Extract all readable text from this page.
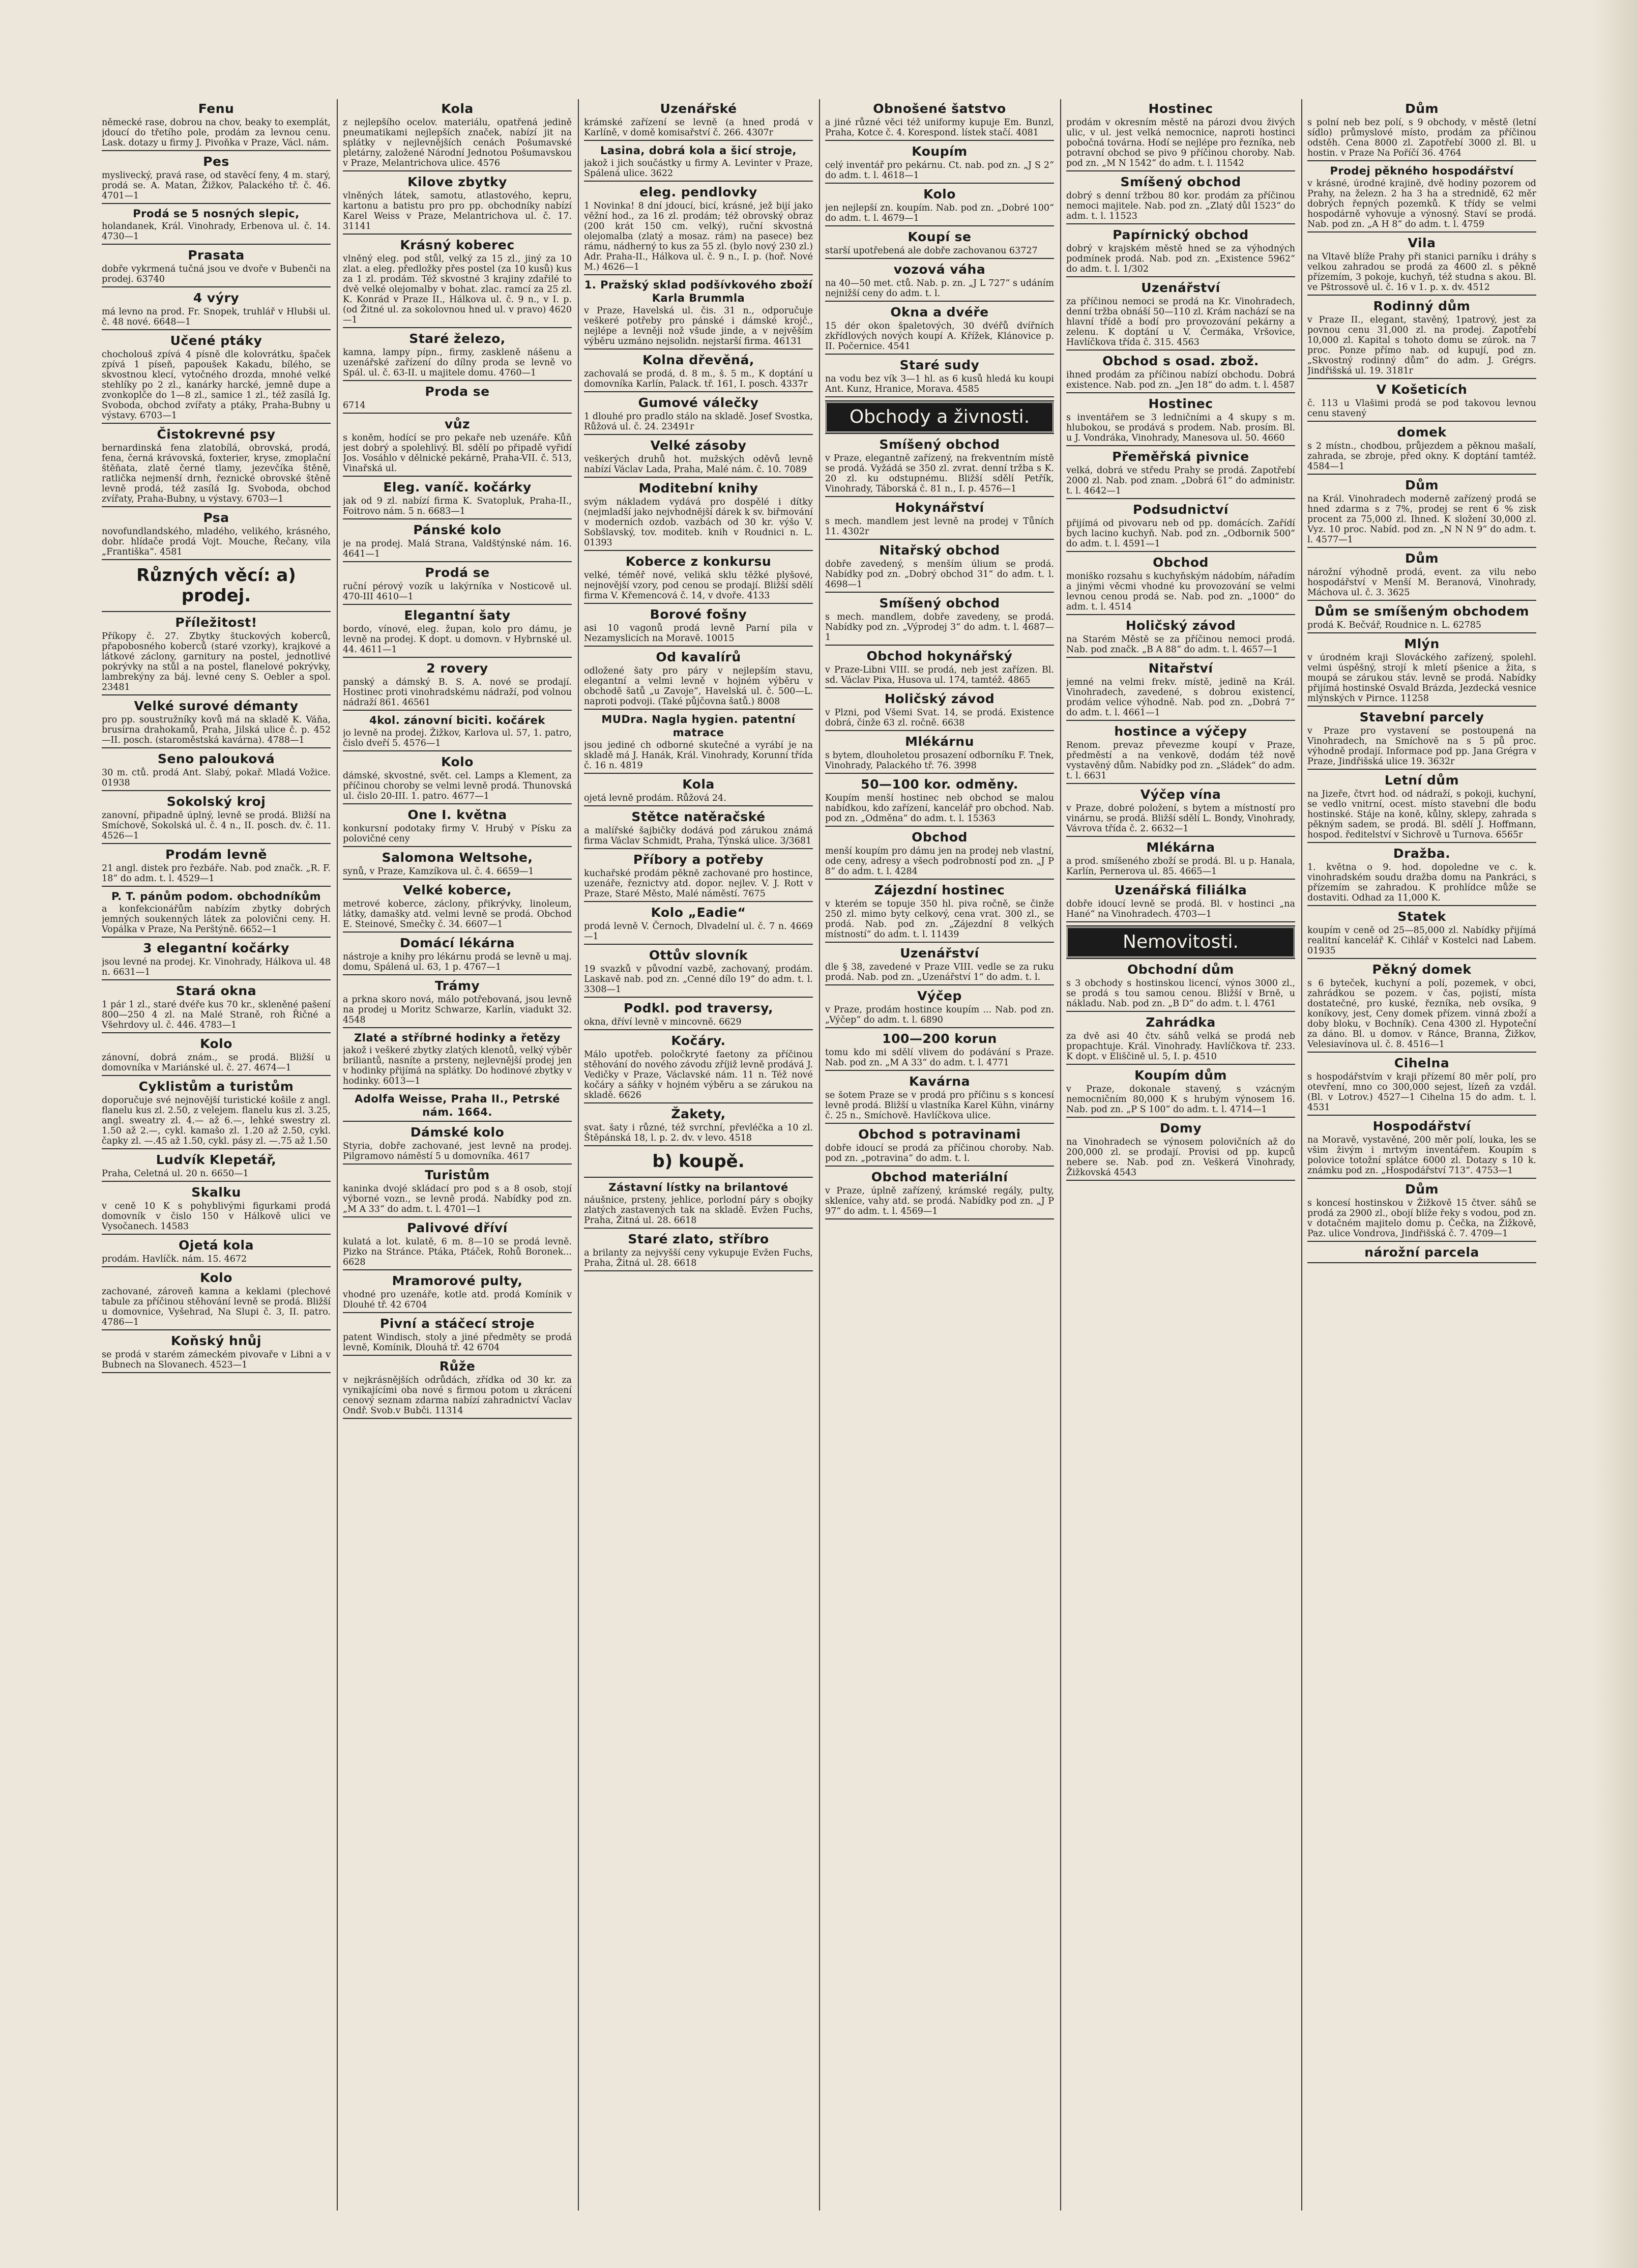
Fenu

německé rase, dobrou na chov, beaky to exemplát, jdoucí do třetího pole, prodám za levnou cenu. Lask. dotazy u firmy J. Pivoňka v Praze, Václ. nám.

Pes

myslivecký, pravá rase, od stavěcí feny, 4 m. starý, prodá se. A. Matan, Žižkov, Palackého tř. č. 46. 4701—1

Prodá se 5 nosných slepic,

holandanek, Král. Vinohrady, Erbenova ul. č. 14. 4730—1

Prasata

dobře vykrmená tučná jsou ve dvoře v Bubenči na prodej. 63740

4 výry

má levno na prod. Fr. Snopek, truhlář v Hlubši ul. č. 48 nové. 6648—1

Učené ptáky

chocholouš zpívá 4 písně dle kolovrátku, špaček zpívá 1 píseň, papoušek Kakadu, bílého, se skvostnou klecí, vytočného drozda, mnohé velké stehlíky po 2 zl., kanárky harcké, jemně dupe a zvonkoplče do 1—8 zl., samice 1 zl., též zasílá Ig. Svoboda, obchod zvířaty a ptáky, Praha-Bubny u výstavy. 6703—1

Čistokrevné psy

bernardinská fena zlatobílá, obrovská, prodá, fena, černá krávovská, foxterier, kryse, zmoplační štěňata, zlatě černé tlamy, jezevčíka štěně, ratlička nejmenší drnh, řeznické obrovské štěně levně prodá, též zasílá Ig. Svoboda, obchod zvířaty, Praha-Bubny, u výstavy. 6703—1

Psa

novofundlandského, mladého, velikého, krásného, dobr. hlídače prodá Vojt. Mouche, Řečany, vila „Františka“. 4581

Různých věcí: a) prodej.
Příležitost!

Příkopy č. 27. Zbytky štuckových koberců, přapobosného koberců (staré vzorky), krajkové a látkové záclony, garnitury na postel, jednotlivé pokrývky na stůl a na postel, flanelové pokrývky, lambrekýny za báj. levné ceny S. Oebler a spol. 23481

Velké surové démanty

pro pp. soustružníky kovů má na skladě K. Váňa, brusírna drahokamů, Praha, Jilská ulice č. p. 452—II. posch. (staroměstská kavárna). 4788—1

Seno palouková

30 m. ctů. prodá Ant. Slabý, pokař. Mladá Vožice. 01938

Sokolský kroj

zanovní, připadně úplný, levně se prodá. Bližší na Smíchově, Sokolská ul. č. 4 n., II. posch. dv. č. 11. 4526—1

Prodám levně

21 angl. distek pro řezbáře. Nab. pod značk. „R. F. 18“ do adm. t. l. 4529—1

P. T. pánům podom. obchodníkům

a konfekcionářům nabízím zbytky dobrých jemných soukenných látek za polovični ceny. H. Vopálka v Praze, Na Perštýně. 6652—1

3 elegantní kočárky

jsou levné na prodej. Kr. Vinohrady, Hálkova ul. 48 n. 6631—1

Stará okna

1 pár 1 zl., staré dvéře kus 70 kr., skleněné pašení 800—250 4 zl. na Malé Straně, roh Řičné a Všehrdovy ul. č. 446. 4783—1

Kolo

zánovní, dobrá znám., se prodá. Bližší u domovníka v Mariánské ul. č. 27. 4674—1

Cyklistům a turistům

doporučuje své nejnovější turistické košile z angl. flanelu kus zl. 2.50, z velejem. flanelu kus zl. 3.25, angl. sweatry zl. 4.— až 6.—, lehké swestry zl. 1.50 až 2.—, cykl. kamašo zl. 1.20 až 2.50, cykl. čapky zl. —.45 až 1.50, cykl. pásy zl. —.75 až 1.50

Ludvík Klepetář,

Praha, Celetná ul. 20 n. 6650—1

Skalku

v ceně 10 K s pohyblivými figurkami prodá domovník v čislo 150 v Hálkově ulici ve Vysočanech. 14583

Ojetá kola

prodám. Havlíčk. nám. 15. 4672

Kolo

zachované, zároveň kamna a keklami (plechové tabule za příčinou stěhování levně se prodá. Bližší u domovnice, Vyšehrad, Na Slupi č. 3, II. patro. 4786—1

Koňský hnůj

se prodá v starém zámeckém pivovaře v Libni a v Bubnech na Slovanech. 4523—1

Kola

z nejlepšího ocelov. materiálu, opatřená jedině pneumatikami nejlepších značek, nabízí jit na splátky v nejlevnějších cenách Pošumavské pletárny, založené Národní Jednotou Pošumavskou v Praze, Melantrichova ulice. 4576

Kilove zbytky

vlněných látek, samotu, atlastového, kepru, kartonu a batistu pro pro pp. obchodníky nabízí Karel Weiss v Praze, Melantrichova ul. č. 17. 31141

Krásný koberec

vlněný eleg. pod stůl, velký za 15 zl., jiný za 10 zlat. a eleg. předložky přes postel (za 10 kusů) kus za 1 zl. prodám. Též skvostné 3 krajiny zdařilé to dvě velké olejomalby v bohat. zlac. ramcí za 25 zl. K. Konrád v Praze II., Hálkova ul. č. 9 n., v I. p. (od Žitné ul. za sokolovnou hned ul. v pravo) 4620—1

Staré železo,

kamna, lampy pípn., firmy, zaskleně nášenu a uzenářské zařízení do dílny proda se levně vo Spál. ul. č. 63-II. u majitele domu. 4760—1

Proda se

6714

vůz

s koněm, hodící se pro pekaře neb uzenáře. Kůň jest dobrý a spolehlivý. Bl. sdělí po připadě vyřidí Jos. Vosáhlo v dělnické pekárně, Praha-VII. č. 513, Vinařská ul.

Eleg. vaníč. kočárky

jak od 9 zl. nabízí firma K. Svatopluk, Praha-II., Foitrovo nám. 5 n. 6683—1

Pánské kolo

je na prodej. Malá Strana, Valdštýnské nám. 16. 4641—1

Prodá se

ruční pérový vozík u lakýrníka v Nosticově ul. 470-III 4610—1

Elegantní šaty

bordo, vínové, eleg. župan, kolo pro dámu, je levně na prodej. K dopt. u domovn. v Hybrnské ul. 44. 4611—1

2 rovery

panský a dámský B. S. A. nové se prodají. Hostinec proti vinohradskému nádraží, pod volnou nádraží 861. 46561

4kol. zánovní biciti. kočárek

jo levně na prodej. Žižkov, Karlova ul. 57, 1. patro, čislo dveří 5. 4576—1

Kolo

dámské, skvostné, svět. cel. Lamps a Klement, za příčinou choroby se velmi levně prodá. Thunovská ul. čislo 20-III. 1. patro. 4677—1

One I. května

konkursní podotaky firmy V. Hrubý v Písku za polovičné ceny

Salomona Weltsohe,

synů, v Praze, Kamzíkova ul. č. 4. 6659—1

Velké koberce,

metrové koberce, záclony, přikrývky, linoleum, látky, damašky atd. velmi levně se prodá. Obchod E. Steinové, Smečky č. 34. 6607—1

Domácí lékárna

nástroje a knihy pro lékárnu prodá se levně u maj. domu, Spálená ul. 63, 1 p. 4767—1

Trámy

a prkna skoro nová, málo potřebovaná, jsou levně na prodej u Moritz Schwarze, Karlín, viadukt 32. 4548

Zlaté a stříbrné hodinky a řetězy

jakož i veškeré zbytky zlatých klenotů, velký výběr briliantů, nasníte a prsteny, nejlevnější prodej jen v hodinky přijímá na splátky. Do hodinové zbytky v hodinky. 6013—1

Adolfa Weisse, Praha II., Petrské nám. 1664.
Dámské kolo

Styria, dobře zachované, jest levně na prodej. Pilgramovo náměstí 5 u domovníka. 4617

Turistům

kaninka dvojé skládací pro pod s a 8 osob, stojí výborné vozn., se levně prodá. Nabídky pod zn. „M A 33“ do adm. t. l. 4701—1

Palivové dříví

kulatá a lot. kulatě, 6 m. 8—10 se prodá levně. Pizko na Stránce. Ptáka, Ptáček, Rohů Boronek... 6628

Mramorové pulty,

vhodné pro uzenáře, kotle atd. prodá Komínik v Dlouhé tř. 42 6704

Pivní a stáčecí stroje

patent Windisch, stoly a jiné předměty se prodá levně, Komínik, Dlouhá tř. 42 6704

Růže

v nejkrásnějších odrůdách, zřídka od 30 kr. za vynikajícími oba nové s firmou potom u zkrácení cenový seznam zdarma nabízí zahradnictví Vaclav Ondř. Svob.v Bubči. 11314

Uzenářské

krámské zařízení se levně (a hned prodá v Karlíně, v domě komisařství č. 266. 4307r

Lasina, dobrá kola a šicí stroje,

jakož i jich součástky u firmy A. Levinter v Praze, Spálená ulice. 3622

eleg. pendlovky

1 Novinka! 8 dní jdoucí, bicí, krásné, jež bijí jako věžní hod., za 16 zl. prodám; též obrovský obraz (200 krát 150 cm. velký), ruční skvostná olejomalba (zlatý a mosaz. rám) na pasece) bez rámu, nádherný to kus za 55 zl. (bylo nový 230 zl.) Adr. Praha-II., Hálkova ul. č. 9 n., I. p. (hoř. Nové M.) 4626—1

1. Pražský sklad podšívkového zboží Karla Brummla

v Praze, Havelská ul. čis. 31 n., odporučuje veškeré potřeby pro pánské i dámské krojč., nejlépe a levněji nož všude jinde, a v nejvěším výběru uzmáno nejsolidn. nejstarší firma. 46131

Kolna dřevěná,

zachovalá se prodá, d. 8 m., š. 5 m., K doptání u domovníka Karlín, Palack. tř. 161, I. posch. 4337r

Gumové válečky

1 dlouhé pro pradlo stálo na skladě. Josef Svostka, Růžová ul. č. 24. 23491r

Velké zásoby

veškerých druhů hot. mužských oděvů levně nabízí Václav Lada, Praha, Malé nám. č. 10. 7089

Moditební knihy

svým nákladem vydává pro dospělé i dítky (nejmladší jako nejvhodnější dárek k sv. biřmování v moderních ozdob. vazbách od 30 kr. výšo V. Sobšlavský, tov. moditeb. knih v Roudnici n. L. 01393

Koberce z konkursu

velké, téměř nové, veliká sklu těžké plyšové, nejnovější vzory, pod cenou se prodají. Bližší sdělí firma V. Křemencová č. 14, v dvoře. 4133

Borové fošny

asi 10 vagonů prodá levně Parní pila v Nezamyslicích na Moravě. 10015

Od kavalírů

odložené šaty pro páry v nejlepším stavu, elegantní a velmi levně v hojném výběru v obchodě šatů „u Zavoje“, Havelská ul. č. 500—L. naproti podvoji. (Také půjčovna šatů.) 8008

MUDra. Nagla hygien. patentní matrace

jsou jediné ch odborné skutečné a vyrábí je na skladě má J. Hanák, Král. Vinohrady, Korunní třída č. 16 n. 4819

Kola

ojetá levně prodám. Růžová 24.

Stětce natěračské

a malířské šajbičky dodává pod zárukou známá firma Václav Schmidt, Praha, Týnská ulice. 3/3681

Příbory a potřeby

kuchařské prodám pěkně zachované pro hostince, uzenáře, řeznictvy atd. dopor. nejlev. V. J. Rott v Praze, Staré Město, Malé náměstí. 7675

Kolo „Eadie“

prodá levně V. Černoch, Dlvadelní ul. č. 7 n. 4669—1

Ottův slovník

19 svazků v původní vazbě, zachovaný, prodám. Laskavě nab. pod zn. „Cenné dílo 19“ do adm. t. l. 3308—1

Podkl. pod traversy,

okna, dříví levně v mincovně. 6629

Kočáry.

Málo upotřeb. poločkryté faetony za příčinou stěhování do nového závodu zříjiž levně prodává J. Vedičky v Praze, Václavské nám. 11 n. Též nové kočáry a sáňky v hojném výběru a se zárukou na skladě. 6626

Žakety,

svat. šaty i různé, též svrchní, převléčka a 10 zl. Štěpánská 18, l. p. 2. dv. v levo. 4518

b) koupě.
Zástavní lístky na brilantové

náušnice, prsteny, jehlice, porlodní páry s obojky zlatých zastavených tak na skladě. Evžen Fuchs, Praha, Žitná ul. 28. 6618

Staré zlato, stříbro

a brilanty za nejvyšší ceny vykupuje Evžen Fuchs, Praha, Žitná ul. 28. 6618

Obnošené šatstvo

a jiné různé věci též uniformy kupuje Em. Bunzl, Praha, Kotce č. 4. Korespond. lístek stačí. 4081

Koupím

celý inventář pro pekárnu. Ct. nab. pod zn. „J S 2“ do adm. t. l. 4618—1

Kolo

jen nejlepší zn. koupím. Nab. pod zn. „Dobré 100“ do adm. t. l. 4679—1

Koupí se

starší upotřebená ale dobře zachovanou 63727

vozová váha

na 40—50 met. ctů. Nab. p. zn. „J L 727“ s udáním nejnižší ceny do adm. t. l.

Okna a dvéře

15 dér okon špaletových, 30 dvéřů dvířních zkřídlových nových koupí A. Křížek, Klánovice p. II. Počernice. 4541

Staré sudy

na vodu bez vík 3—1 hl. as 6 kusů hledá ku koupi Ant. Kunz, Hranice, Morava. 4585

Obchody a živnosti.
Smíšený obchod

v Praze, elegantně zařízený, na frekventním místě se prodá. Vyžádá se 350 zl. zvrat. denní tržba s K. 20 zl. ku odstupnému. Bližší sdělí Petřík, Vinohrady, Táborská č. 81 n., I. p. 4576—1

Hokynářství

s mech. mandlem jest levně na prodej v Tůních 11. 4302r

Nitařský obchod

dobře zavedený, s menším úlium se prodá. Nabídky pod zn. „Dobrý obchod 31“ do adm. t. l. 4698—1

Smíšený obchod

s mech. mandlem, dobře zavedeny, se prodá. Nabídky pod zn. „Výprodej 3“ do adm. t. l. 4687—1

Obchod hokynářský

v Praze-Libni VIII. se prodá, neb jest zařízen. Bl. sd. Václav Pixa, Husova ul. 174, tamtéž. 4865

Holičský závod

v Plzni, pod Všemi Svat. 14, se prodá. Existence dobrá, činže 63 zl. ročně. 6638

Mlékárnu

s bytem, dlouholetou prosazení odborníku F. Tnek, Vinohrady, Palackého tř. 76. 3998

50—100 kor. odměny.

Koupím menší hostinec neb obchod se malou nabídkou, kdo zařízení, kancelář pro obchod. Nab. pod zn. „Odměna“ do adm. t. l. 15363

Obchod

menší koupím pro dámu jen na prodej neb vlastní, ode ceny, adresy a všech podrobností pod zn. „J P 8“ do adm. t. l. 4284

Zájezdní hostinec

v kterém se topuje 350 hl. piva ročně, se činže 250 zl. mimo byty celkový, cena vrat. 300 zl., se prodá. Nab. pod zn. „Zájezdní 8 velkých místností“ do adm. t. l. 11439

Uzenářství

dle § 38, zavedené v Praze VIII. vedle se za ruku prodá. Nab. pod zn. „Uzenářství 1“ do adm. t. l.

Výčep

v Praze, prodám hostince koupím ... Nab. pod zn. „Výčep“ do adm. t. l. 6890

100—200 korun

tomu kdo mi sdělí vlivem do podávání s Praze. Nab. pod zn. „M A 33“ do adm. t. l. 4771

Kavárna

se šotem Praze se v prodá pro příčinu s s koncesí levně prodá. Bližší u vlastníka Karel Kühn, vinárny č. 25 n., Smíchově. Havlíčkova ulice.

Obchod s potravinami

dobře idoucí se prodá za příčinou choroby. Nab. pod zn. „potravina“ do adm. t. l.

Obchod materiální

v Praze, úplně zařízený, krámské regály, pulty, skleníce, vahy atd. se prodá. Nabídky pod zn. „J P 97“ do adm. t. l. 4569—1

Hostinec

prodám v okresním městě na pározi dvou živých ulic, v ul. jest velká nemocnice, naproti hostinci pobočná továrna. Hodí se nejlépe pro řezníka, neb potravní obchod se pivo 9 příčinou choroby. Nab. pod zn. „M N 1542“ do adm. t. l. 11542

Smíšený obchod

dobrý s denní tržbou 80 kor. prodám za příčinou nemoci majitele. Nab. pod zn. „Zlatý důl 1523“ do adm. t. l. 11523

Papírnický obchod

dobrý v krajském městě hned se za výhodných podmínek prodá. Nab. pod zn. „Existence 5962“ do adm. t. l. 1/302

Uzenářství

za příčinou nemoci se prodá na Kr. Vinohradech, denní tržba obnáší 50—110 zl. Krám nachází se na hlavní třídě a bodí pro provozování pekárny a zelenu. K doptání u V. Čermáka, Vršovice, Havlíčkova třída č. 315. 4563

Obchod s osad. zbož.

ihned prodám za příčinou nabízí obchodu. Dobrá existence. Nab. pod zn. „Jen 18“ do adm. t. l. 4587

Hostinec

s inventářem se 3 ledničními a 4 skupy s m. hlubokou, se prodává s prodem. Nab. prosím. Bl. u J. Vondráka, Vinohrady, Manesova ul. 50. 4660

Přeměřská pivnice

velká, dobrá ve středu Prahy se prodá. Zapotřebí 2000 zl. Nab. pod znam. „Dobrá 61“ do administr. t. l. 4642—1

Podsudnictví

přijímá od pivovaru neb od pp. domácích. Zařídí bych lacino kuchyň. Nab. pod zn. „Odbornik 500“ do adm. t. l. 4591—1

Obchod

moniško rozsahu s kuchyňským nádobím, nářadím a jinými věcmi vhodné ku provozování se velmi levnou cenou prodá se. Nab. pod zn. „1000“ do adm. t. l. 4514

Holičský závod

na Starém Městě se za příčinou nemoci prodá. Nab. pod značk. „B A 88“ do adm. t. l. 4657—1

Nitařství

jemné na velmi frekv. místě, jedině na Král. Vinohradech, zavedené, s dobrou existencí, prodám velice výhodně. Nab. pod zn. „Dobrá 7“ do adm. t. l. 4661—1

hostince a výčepy

Renom. prevaz převezme koupí v Praze, předměstí a na venkově, dodám též nově vystavěný dům. Nabídky pod zn. „Sládek“ do adm. t. l. 6631

Výčep vína

v Praze, dobré položení, s bytem a místností pro vinárnu, se prodá. Bližší sdělí L. Bondy, Vinohrady, Vávrova třída č. 2. 6632—1

Mlékárna

a prod. smíšeného zboží se prodá. Bl. u p. Hanala, Karlín, Pernerova ul. 85. 4665—1

Uzenářská filiálka

dobře idoucí levně se prodá. Bl. v hostinci „na Hané“ na Vinohradech. 4703—1

Nemovitosti.
Obchodní dům

s 3 obchody s hostinskou licencí, výnos 3000 zl., se prodá s tou samou cenou. Bližší v Brně, u nákladu. Nab. pod zn. „B D“ do adm. t. l. 4761

Zahrádka

za dvě asi 40 čtv. sáhů velká se prodá neb propachtuje. Král. Vinohrady. Havlíčkova tř. 233. K dopt. v Eliščině ul. 5, I. p. 4510

Koupím dům

v Praze, dokonale stavený, s vzácným nemocničním 80,000 K s hrubým výnosem 16. Nab. pod zn. „P S 100“ do adm. t. l. 4714—1

Domy

na Vinohradech se výnosem polovičních až do 200,000 zl. se prodají. Provisi od pp. kupců nebere se. Nab. pod zn. Veškerá Vinohrady, Žižkovská 4543

Dům

s polní neb bez polí, s 9 obchody, v městě (letní sídlo) průmyslové místo, prodám za příčinou odstěh. Cena 8000 zl. Zapotřebí 3000 zl. Bl. u hostin. v Praze Na Poříčí 36. 4764

Prodej pěkného hospodářství

v krásné, úrodné krajině, dvě hodiny pozorem od Prahy, na železn. 2 ha 3 ha a strednidě, 62 měr dobrých řepných pozemků. K třídy se velmi hospodárně vyhovuje a výnosný. Staví se prodá. Nab. pod zn. „A H 8“ do adm. t. l. 4759

Vila

na Vltavě blíže Prahy při stanici parníku i dráhy s velkou zahradou se prodá za 4600 zl. s pěkně přízemím, 3 pokoje, kuchyň, též studna s akou. Bl. ve Pštrossově ul. č. 16 v 1. p. x. dv. 4512

Rodinný dům

v Praze II., elegant, stavěný, 1patrový, jest za povnou cenu 31,000 zl. na prodej. Zapotřebí 10,000 zl. Kapital s tohoto domu se zúrok. na 7 proc. Ponze přímo nab. od kupují, pod zn. „Skvostný rodinný dům“ do adm. J. Grégrs. Jindřišská ul. 19. 3181r

V Košeticích

č. 113 u Vlašimi prodá se pod takovou levnou cenu stavený

domek

s 2 místn., chodbou, průjezdem a pěknou mašalí, zahrada, se zbroje, před okny. K doptání tamtéž. 4584—1

Dům

na Král. Vinohradech moderně zařízený prodá se hned zdarma s z 7%, prodej se rent 6 % zisk procent za 75,000 zl. Ihned. K složení 30,000 zl. Vyz. 10 proc. Nabíd. pod zn. „N N N 9“ do adm. t. l. 4577—1

Dům

nárožní výhodně prodá, event. za vilu nebo hospodářství v Menší M. Beranová, Vinohrady, Máchova ul. č. 3. 3625

Dům se smíšeným obchodem

prodá K. Bečvář, Roudnice n. L. 62785

Mlýn

v úrodném kraji Slováckého zařízený, spolehl. velmi úspěšný, strojí k mletí pšenice a žita, s moupá se zárukou stáv. levně se prodá. Nabídky přijímá hostinské Osvald Brázda, Jezdecká vesnice mlýnských v Pirnce. 11258

Stavební parcely

v Praze pro vystavení se postoupená na Vinohradech, na Smíchově na s 5 pů proc. výhodně prodají. Informace pod pp. Jana Grégra v Praze, Jindřišská ulice 19. 3632r

Letní dům

na Jizeře, čtvrt hod. od nádraží, s pokoji, kuchyní, se vedlo vnitrní, ocest. místo stavební dle bodu hostinské. Stáje na koně, kůlny, sklepy, zahrada s pěkným sadem, se prodá. Bl. sdělí J. Hoffmann, hospod. ředitelství v Sichrově u Turnova. 6565r

Dražba.

1. května o 9. hod. dopoledne ve c. k. vinohradském soudu dražba domu na Pankráci, s přízemím se zahradou. K prohlídce může se dostaviti. Odhad za 11,000 K.

Statek

koupím v ceně od 25—85,000 zl. Nabídky přijímá realitní kancelář K. Cihlář v Kostelci nad Labem. 01935

Pěkný domek

s 6 byteček, kuchyní a polí, pozemek, v obci, zahrádkou se pozem. v čas, pojistí, místa dostatečné, pro kuské, řezníka, neb ovsíka, 9 koníkovy, jest, Ceny domek přízem. vinná zboží a doby bloku, v Bochník). Cena 4300 zl. Hypoteční za dáno. Bl. u domov. v Ránce, Branna, Žižkov, Velesiavínova ul. č. 8. 4516—1

Cihelna

s hospodářstvím v kraji přízemí 80 měr polí, pro otevření, mno co 300,000 sejest, lízeň za vzdál. (Bl. v Lotrov.) 4527—1 Cihelna 15 do adm. t. l. 4531

Hospodářství

na Moravě, vystavěné, 200 měr polí, louka, les se všim živým i mrtvým inventářem. Koupím s polovice totožní splátce 6000 zl. Dotazy s 10 k. známku pod zn. „Hospodářství 713“. 4753—1

Dům

s koncesí hostinskou v Žižkově 15 čtver. sáhů se prodá za 2900 zl., obojí blíže řeky s vodou, pod zn. v dotačném majitelo domu p. Čečka, na Žižkově, Paz. ulice Vondrova, Jindřišská č. 7. 4709—1

nárožní parcela
